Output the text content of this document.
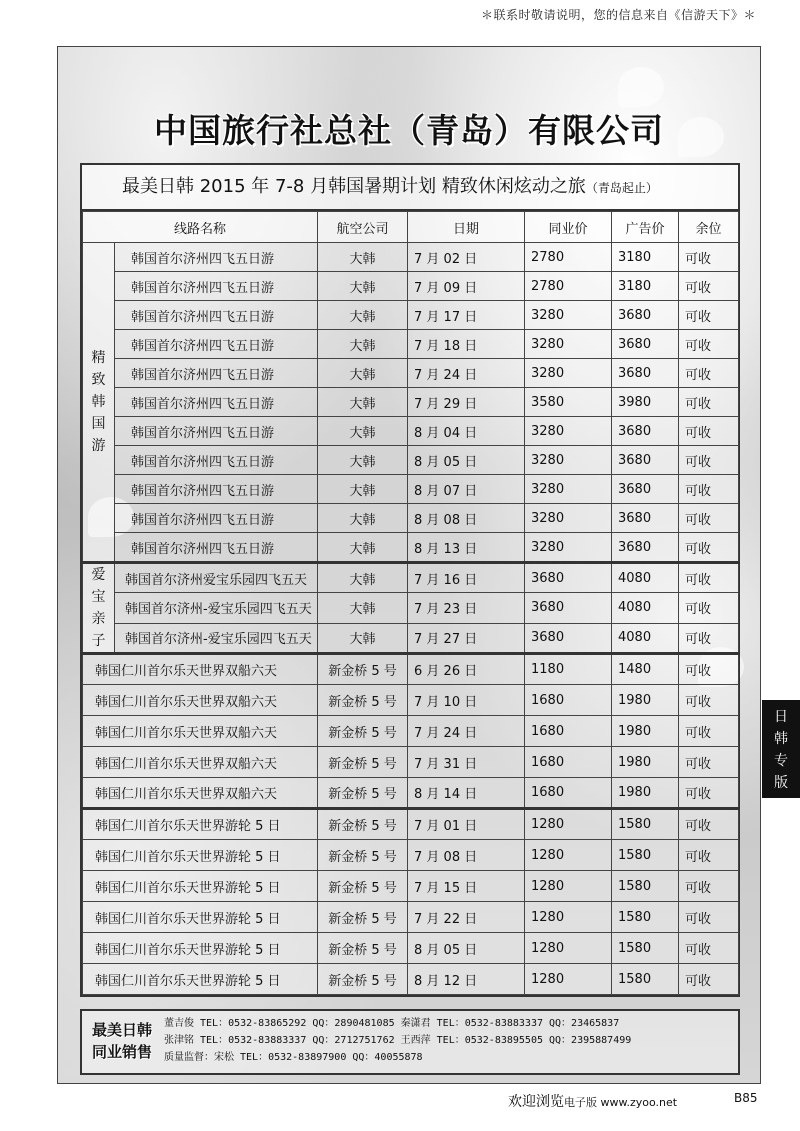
＊联系时敬请说明，您的信息来自《信游天下》＊
中国旅行社总社（青岛）有限公司
最美日韩 2015 年 7-8 月韩国暑期计划 精致休闲炫动之旅（青岛起止）
线路名称		航空公司	日期	同业价	广告价	余位

精致韩国游	韩国首尔济州四飞五日游	大韩	7 月 02 日	2780	3180	可收
	韩国首尔济州四飞五日游	大韩	7 月 09 日	2780	3180	可收
	韩国首尔济州四飞五日游	大韩	7 月 17 日	3280	3680	可收
	韩国首尔济州四飞五日游	大韩	7 月 18 日	3280	3680	可收
	韩国首尔济州四飞五日游	大韩	7 月 24 日	3280	3680	可收
	韩国首尔济州四飞五日游	大韩	7 月 29 日	3580	3980	可收
	韩国首尔济州四飞五日游	大韩	8 月 04 日	3280	3680	可收
	韩国首尔济州四飞五日游	大韩	8 月 05 日	3280	3680	可收
	韩国首尔济州四飞五日游	大韩	8 月 07 日	3280	3680	可收
	韩国首尔济州四飞五日游	大韩	8 月 08 日	3280	3680	可收
	韩国首尔济州四飞五日游	大韩	8 月 13 日	3280	3680	可收

爱宝亲子	韩国首尔济州爱宝乐园四飞五天	大韩	7 月 16 日	3680	4080	可收
	韩国首尔济州-爱宝乐园四飞五天	大韩	7 月 23 日	3680	4080	可收
	韩国首尔济州-爱宝乐园四飞五天	大韩	7 月 27 日	3680	4080	可收
韩国仁川首尔乐天世界双船六天		新金桥 5 号	6 月 26 日	1180	1480	可收
韩国仁川首尔乐天世界双船六天		新金桥 5 号	7 月 10 日	1680	1980	可收
韩国仁川首尔乐天世界双船六天		新金桥 5 号	7 月 24 日	1680	1980	可收
韩国仁川首尔乐天世界双船六天		新金桥 5 号	7 月 31 日	1680	1980	可收
韩国仁川首尔乐天世界双船六天		新金桥 5 号	8 月 14 日	1680	1980	可收
韩国仁川首尔乐天世界游轮 5 日		新金桥 5 号	7 月 01 日	1280	1580	可收
韩国仁川首尔乐天世界游轮 5 日		新金桥 5 号	7 月 08 日	1280	1580	可收
韩国仁川首尔乐天世界游轮 5 日		新金桥 5 号	7 月 15 日	1280	1580	可收
韩国仁川首尔乐天世界游轮 5 日		新金桥 5 号	7 月 22 日	1280	1580	可收
韩国仁川首尔乐天世界游轮 5 日		新金桥 5 号	8 月 05 日	1280	1580	可收
韩国仁川首尔乐天世界游轮 5 日		新金桥 5 号	8 月 12 日	1280	1580	可收
最美日韩同业销售
董吉俊 TEL：0532-83865292 QQ：2890481085 秦潇君 TEL：0532-83883337 QQ：23465837
张津铭 TEL：0532-83883337 QQ：2712751762 王西萍 TEL：0532-83895505 QQ：2395887499
质量监督：宋松 TEL：0532-83897900 QQ：40055878
日韩专版
欢迎浏览电子版 www.zyoo.net	B85
